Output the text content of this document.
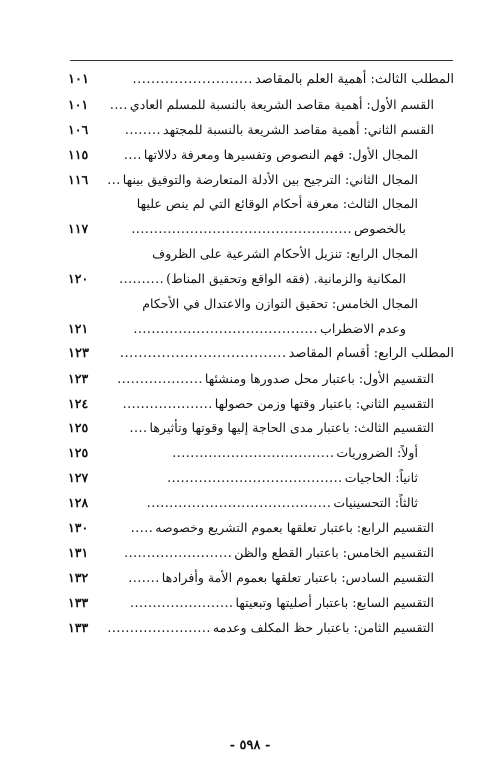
المطلب الثالث: أهمية العلم بالمقاصد
..........................
١٠١
القسم الأول: أهمية مقاصد الشريعة بالنسبة للمسلم العادي
....
١٠١
القسم الثاني: أهمية مقاصد الشريعة بالنسبة للمجتهد
........
١٠٦
المجال الأول: فهم النصوص وتفسيرها ومعرفة دلالاتها
....
١١٥
المجال الثاني: الترجيح بين الأدلة المتعارضة والتوفيق بينها
...
١١٦
المجال الثالث: معرفة أحكام الوقائع التي لم ينص عليها
بالخصوص
.................................................
١١٧
المجال الرابع: تنزيل الأحكام الشرعية على الظروف
المكانية والزمانية. (فقه الواقع وتحقيق المناط)
..........
١٢٠
المجال الخامس: تحقيق التوازن والاعتدال في الأحكام
وعدم الاضطراب
.........................................
١٢١
المطلب الرابع: أقسام المقاصد
....................................
١٢٣
التقسيم الأول: باعتبار محل صدورها ومنشئها
...................
١٢٣
التقسيم الثاني: باعتبار وقتها وزمن حصولها
....................
١٢٤
التقسيم الثالث: باعتبار مدى الحاجة إليها وقوتها وتأثيرها
....
١٢٥
أولاً: الضروريات
....................................
١٢٥
ثانياً: الحاجيات
.......................................
١٢٧
ثالثاً: التحسينيات
.........................................
١٢٨
التقسيم الرابع: باعتبار تعلقها بعموم التشريع وخصوصه
.....
١٣٠
التقسيم الخامس: باعتبار القطع والظن
........................
١٣١
التقسيم السادس: باعتبار تعلقها بعموم الأمة وأفرادها
.......
١٣٢
التقسيم السابع: باعتبار أصليتها وتبعيتها
.......................
١٣٣
التقسيم الثامن: باعتبار حظ المكلف وعدمه
.......................
١٣٣
- ٥٩٨ -
